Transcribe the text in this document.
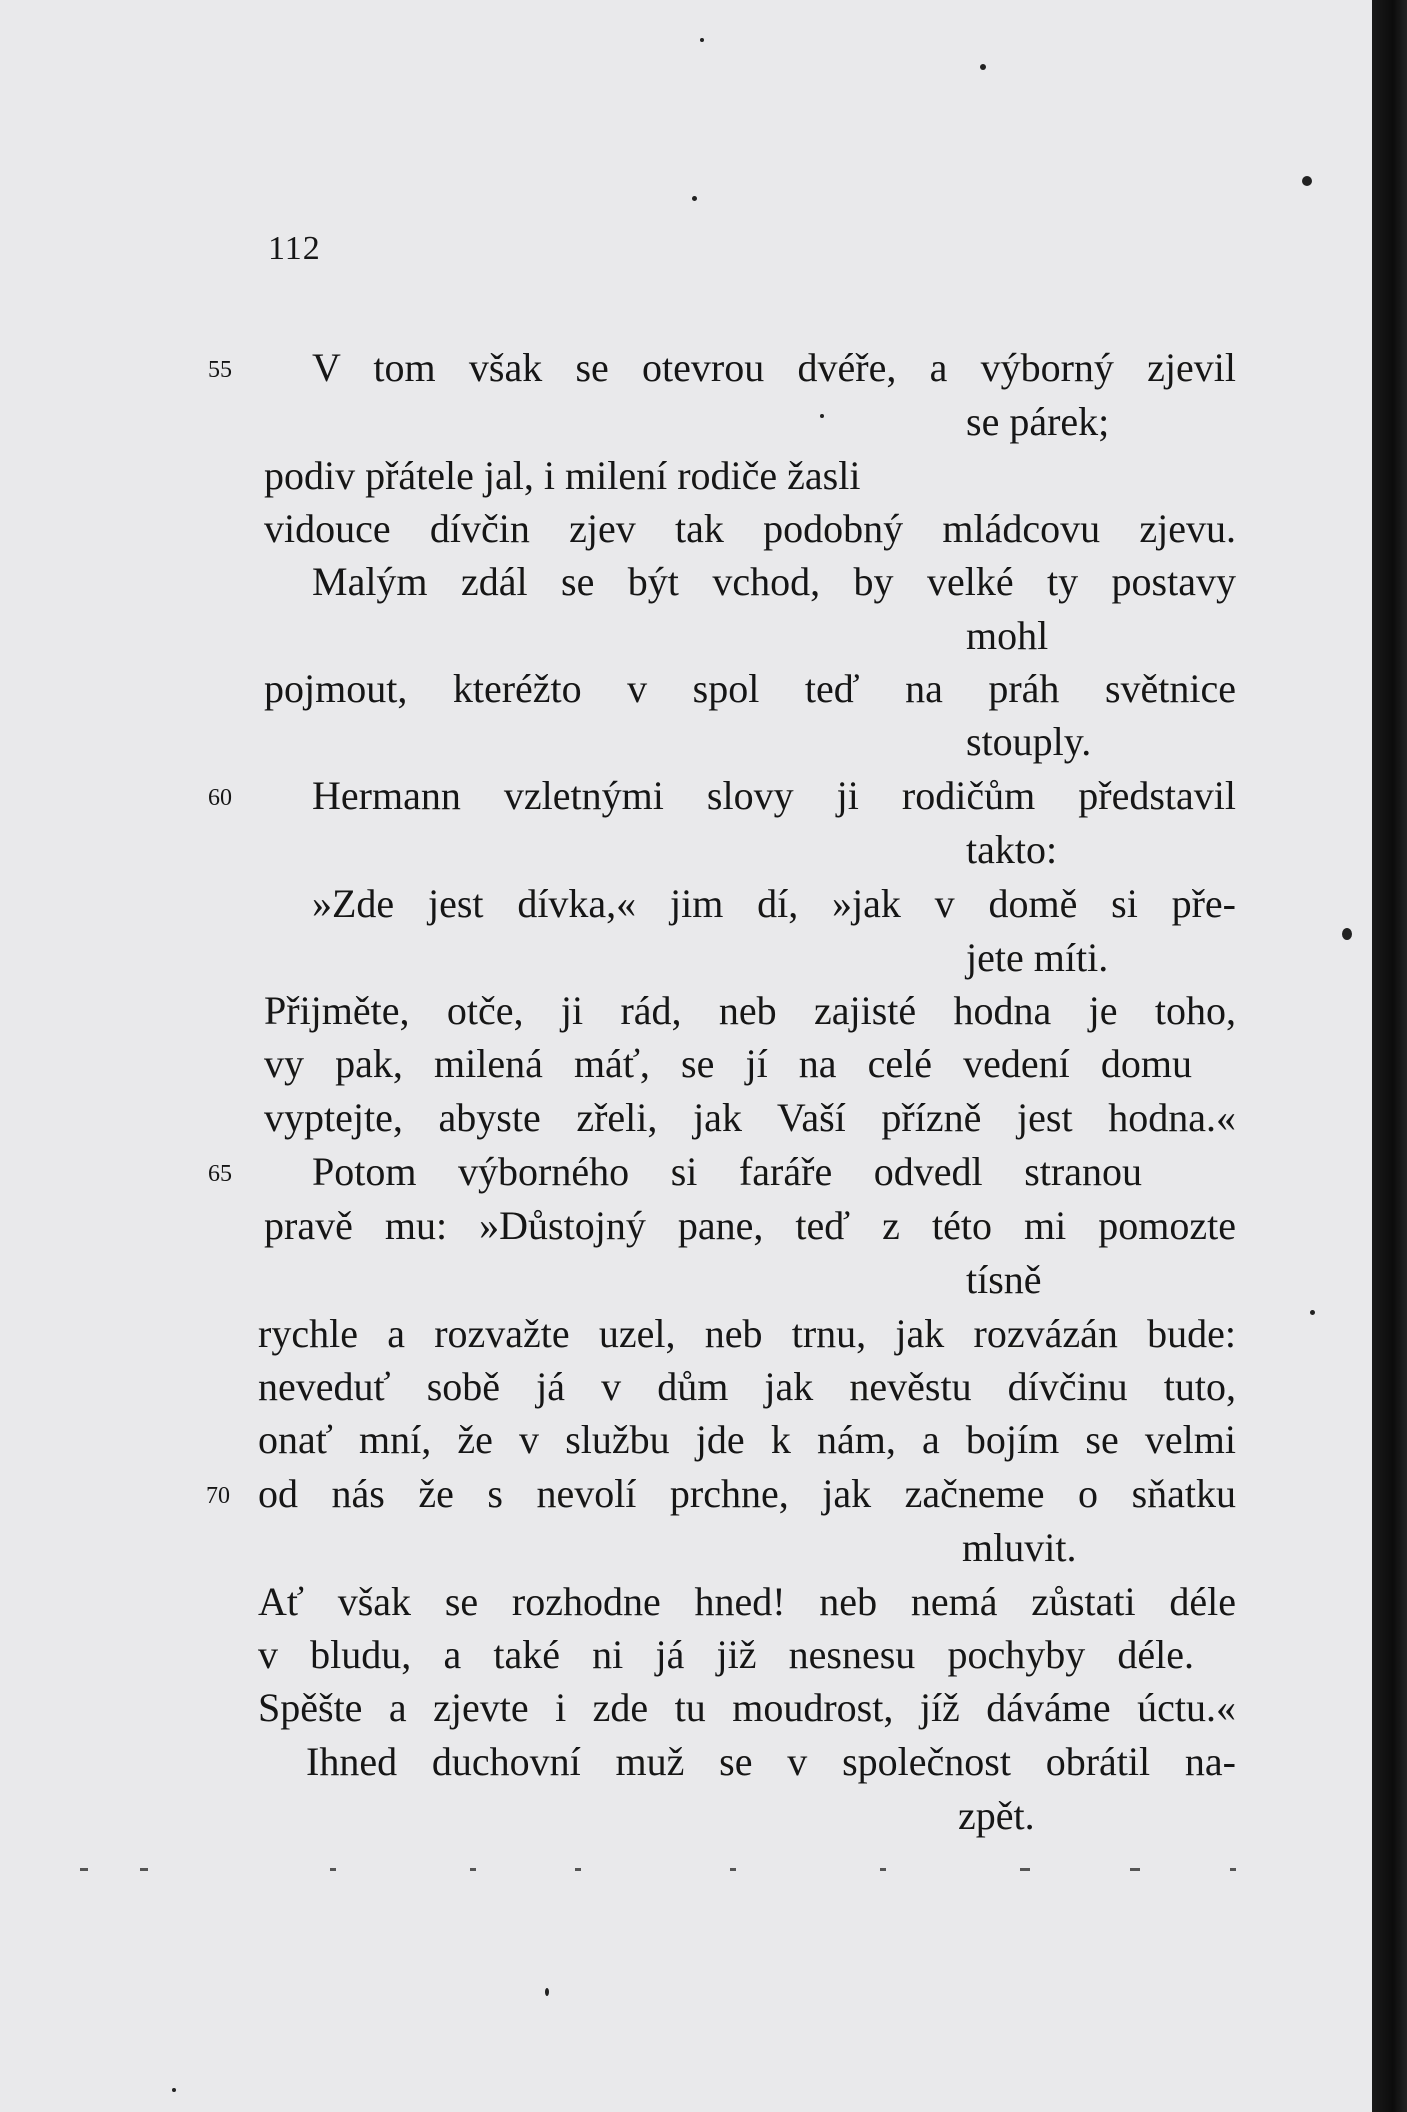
112
55 V tom však se otevrou dvéře, a výborný zjevil
se párek;
podiv přátele jal, i milení rodiče žasli
vidouce dívčin zjev tak podobný mládcovu zjevu.
Malým zdál se být vchod, by velké ty postavy
mohl
pojmout, kteréžto v spol teď na práh světnice
stouply.
60 Hermann vzletnými slovy ji rodičům představil
takto:
»Zde jest dívka,« jim dí, »jak v domě si pře-
jete míti.
Přijměte, otče, ji rád, neb zajisté hodna je toho,
vy pak, milená máť, se jí na celé vedení domu
vyptejte, abyste zřeli, jak Vaší přízně jest hodna.«
65 Potom výborného si faráře odvedl stranou
pravě mu: »Důstojný pane, teď z této mi pomozte
tísně
rychle a rozvažte uzel, neb trnu, jak rozvázán bude:
neveduť sobě já v dům jak nevěstu dívčinu tuto,
onať mní, že v službu jde k nám, a bojím se velmi
70 od nás že s nevolí prchne, jak začneme o sňatku
mluvit.
Ať však se rozhodne hned! neb nemá zůstati déle
v bludu, a také ni já již nesnesu pochyby déle.
Spěšte a zjevte i zde tu moudrost, jíž dáváme úctu.«
Ihned duchovní muž se v společnost obrátil na-
zpět.
